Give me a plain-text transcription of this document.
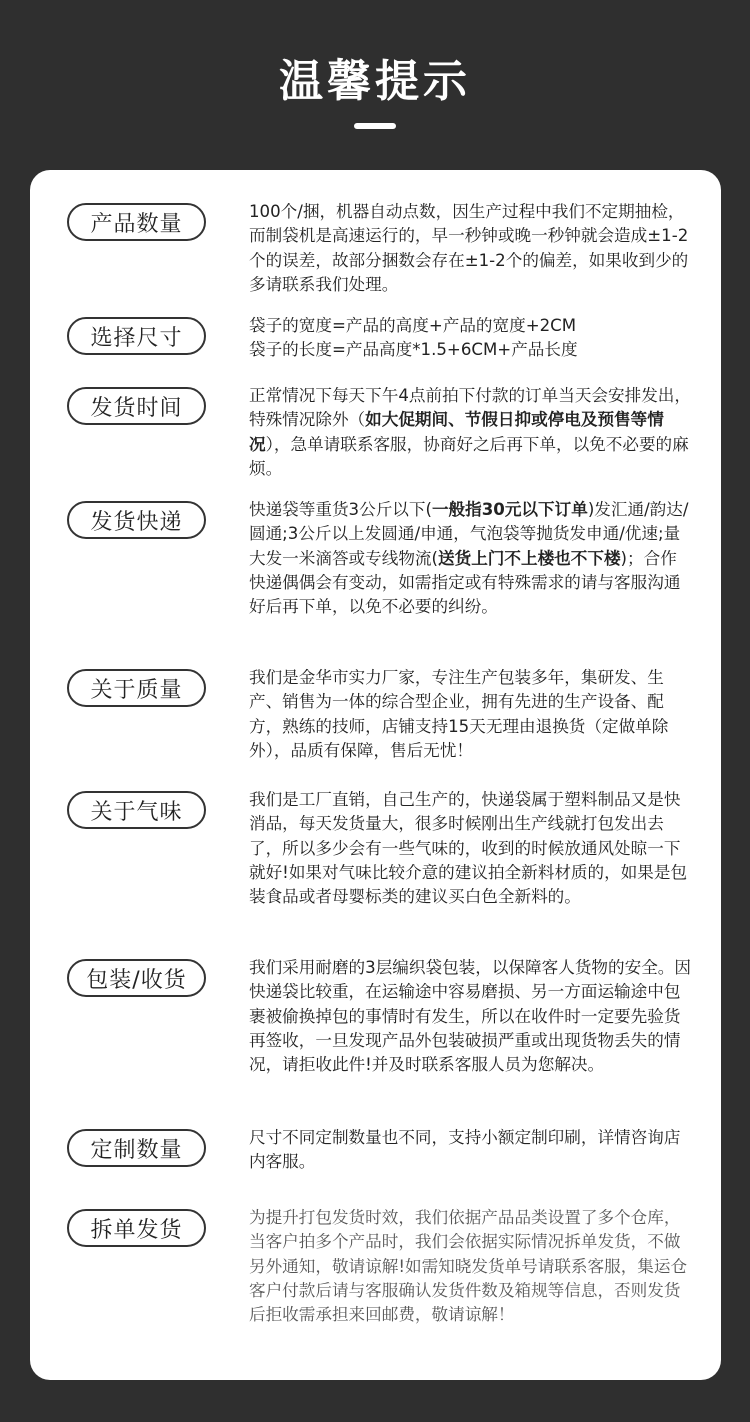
温馨提示
产品数量	100个/捆，机器自动点数，因生产过程中我们不定期抽检，而制袋机是高速运行的，早一秒钟或晚一秒钟就会造成±1-2个的误差，故部分捆数会存在±1-2个的偏差，如果收到少的多请联系我们处理。
选择尺寸	袋子的宽度=产品的高度+产品的宽度+2CM
袋子的长度=产品高度*1.5+6CM+产品长度
发货时间	正常情况下每天下午4点前拍下付款的订单当天会安排发出，特殊情况除外（如大促期间、节假日抑或停电及预售等情况），急单请联系客服，协商好之后再下单，以免不必要的麻烦。
发货快递	快递袋等重货3公斤以下(一般指30元以下订单)发汇通/韵达/圆通;3公斤以上发圆通/申通，气泡袋等抛货发申通/优速;量大发一米滴答或专线物流(送货上门不上楼也不下楼)；合作快递偶偶会有变动，如需指定或有特殊需求的请与客服沟通好后再下单，以免不必要的纠纷。
关于质量	我们是金华市实力厂家，专注生产包装多年，集研发、生产、销售为一体的综合型企业，拥有先进的生产设备、配方，熟练的技师，店铺支持15天无理由退换货（定做单除外），品质有保障，售后无忧！
关于气味	我们是工厂直销，自己生产的，快递袋属于塑料制品又是快消品，每天发货量大，很多时候刚出生产线就打包发出去了，所以多少会有一些气味的，收到的时候放通风处晾一下就好!如果对气味比较介意的建议拍全新料材质的，如果是包装食品或者母婴标类的建议买白色全新料的。
包装/收货	我们采用耐磨的3层编织袋包装，以保障客人货物的安全。因快递袋比较重，在运输途中容易磨损、另一方面运输途中包裹被偷换掉包的事情时有发生，所以在收件时一定要先验货再签收，一旦发现产品外包装破损严重或出现货物丢失的情况，请拒收此件!并及时联系客服人员为您解决。
定制数量	尺寸不同定制数量也不同，支持小额定制印刷，详情咨询店内客服。
拆单发货	为提升打包发货时效，我们依据产品品类设置了多个仓库，当客户拍多个产品时，我们会依据实际情况拆单发货，不做另外通知，敬请谅解!如需知晓发货单号请联系客服，集运仓客户付款后请与客服确认发货件数及箱规等信息，否则发货后拒收需承担来回邮费，敬请谅解！
